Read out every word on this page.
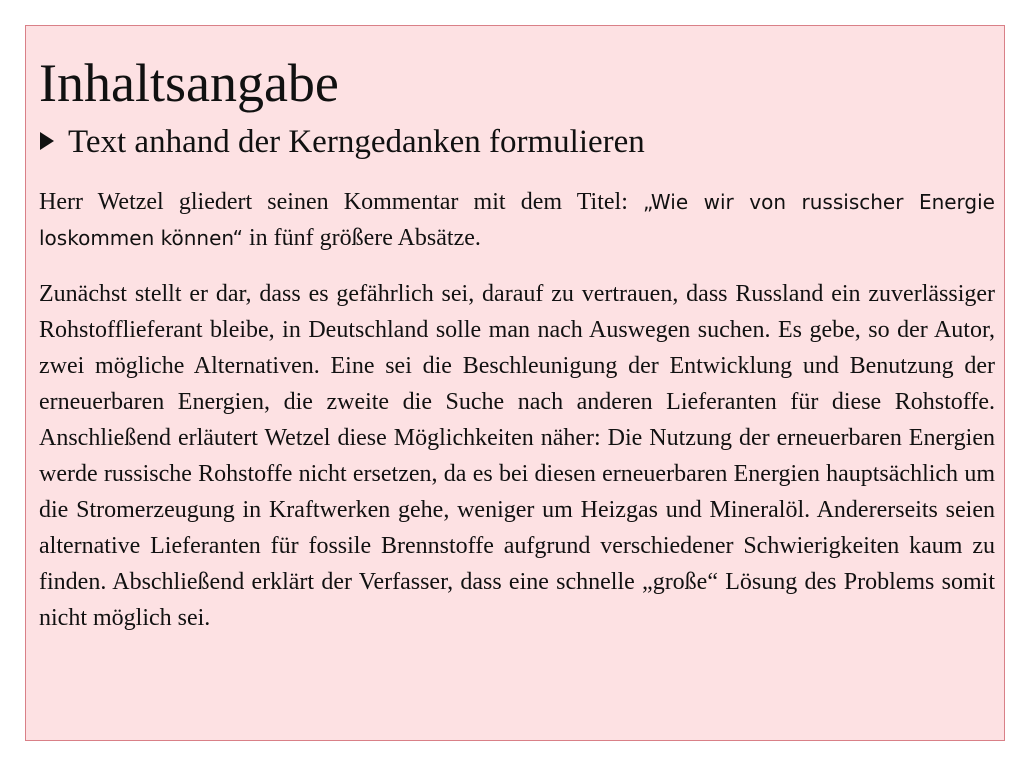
Inhaltsangabe
Text anhand der Kerngedanken formulieren

Herr Wetzel gliedert seinen Kommentar mit dem Titel: „Wie wir von russischer Energie loskommen können“ in fünf größere Absätze.

Zunächst stellt er dar, dass es gefährlich sei, darauf zu vertrauen, dass Russland ein zuverlässiger Rohstofflieferant bleibe, in Deutschland solle man nach Auswegen suchen. Es gebe, so der Autor, zwei mögliche Alternativen. Eine sei die Beschleunigung der Entwicklung und Benutzung der erneuerbaren Energien, die zweite die Suche nach anderen Lieferanten für diese Rohstoffe. Anschließend erläutert Wetzel diese Möglichkeiten näher: Die Nutzung der erneuerbaren Energien werde russische Rohstoffe nicht ersetzen, da es bei diesen erneuerbaren Energien hauptsächlich um die Stromerzeugung in Kraftwerken gehe, weniger um Heizgas und Mineralöl. Andererseits seien alternative Lieferanten für fossile Brennstoffe aufgrund verschiedener Schwierigkeiten kaum zu finden. Abschließend erklärt der Verfasser, dass eine schnelle „große“ Lösung des Problems somit nicht möglich sei.
